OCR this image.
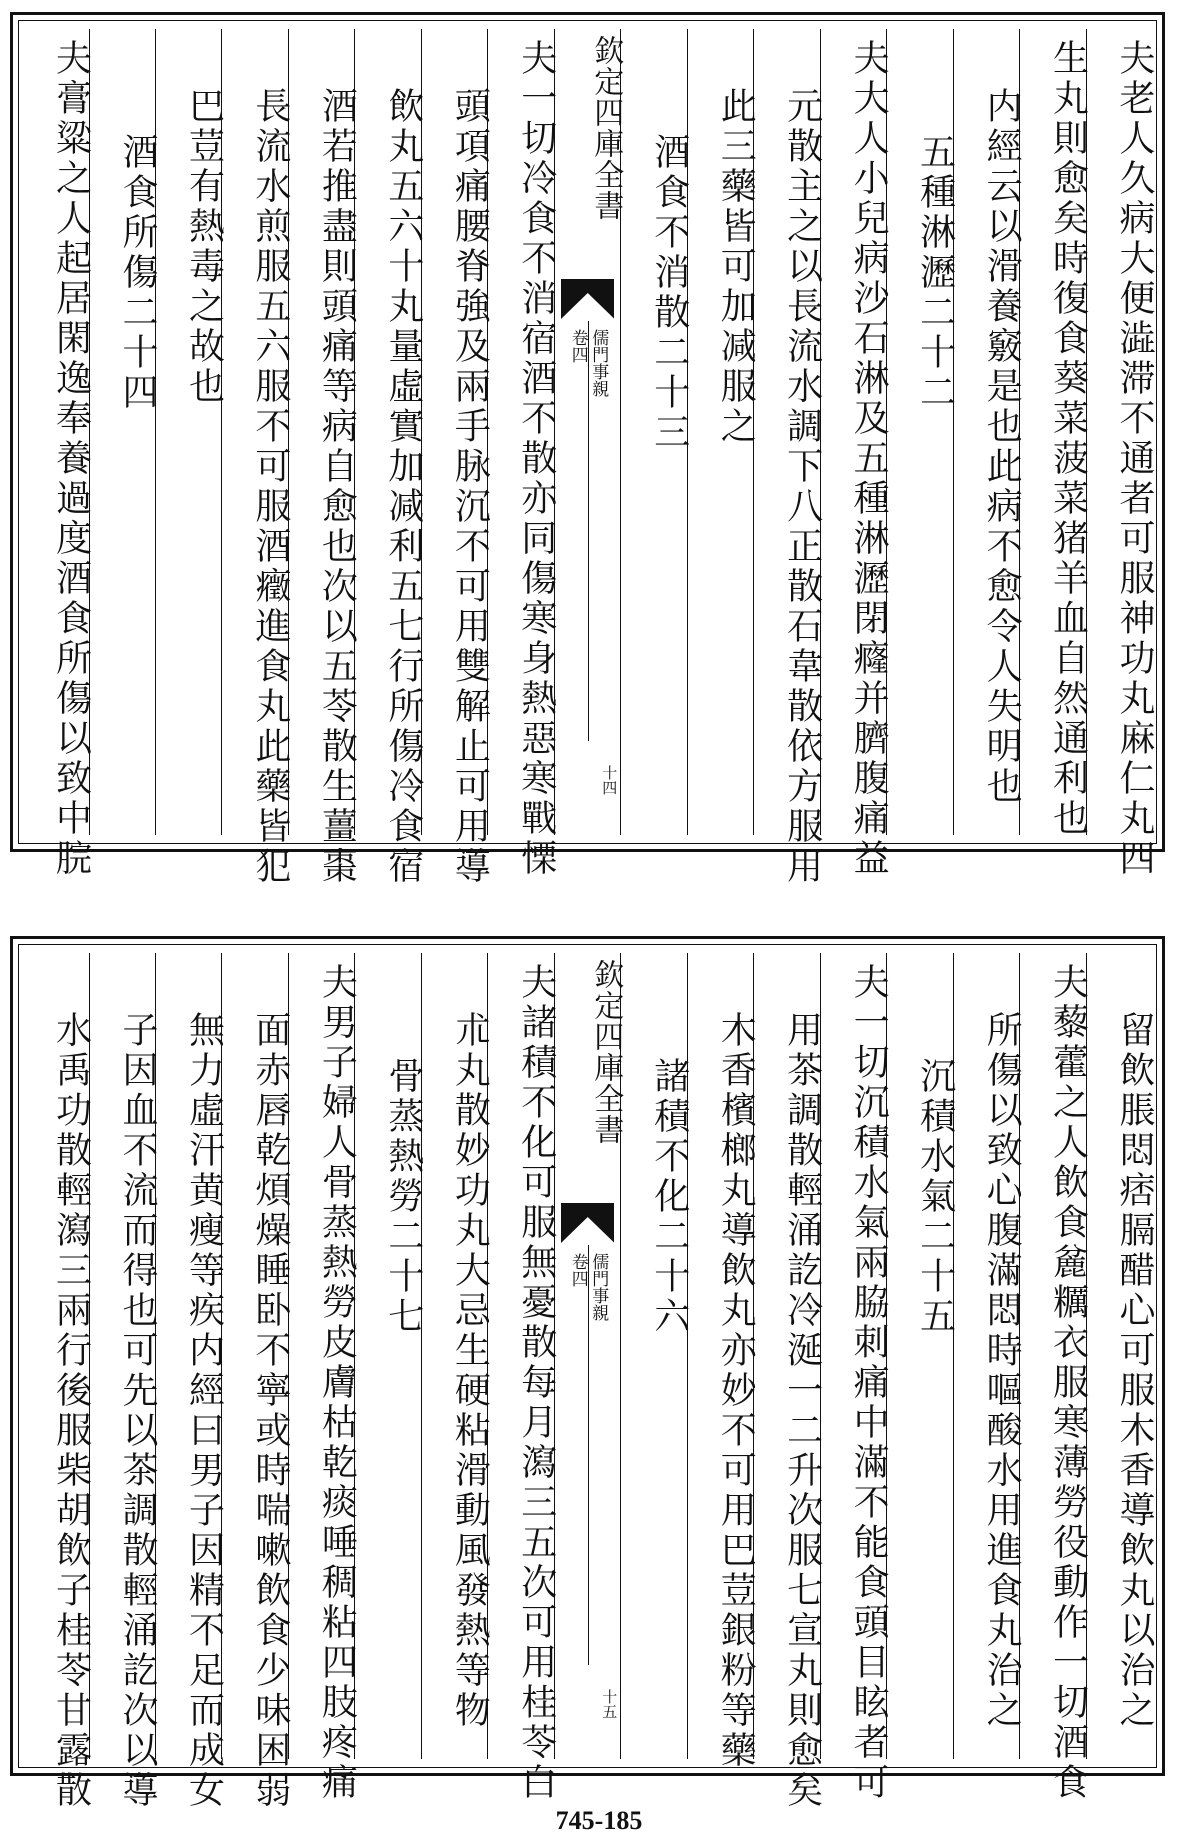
夫老人久病大便澁滞不通者可服神功丸麻仁丸四
生丸則愈矣時復食葵菜菠菜猪羊血自然通利也
内經云以滑養竅是也此病不愈令人失明也
五種淋瀝二十二
夫大人小兒病沙石淋及五種淋瀝閉癃并臍腹痛益
元散主之以長流水調下八正散石韋散依方服用
此三藥皆可加减服之
酒食不消散二十三
欽定四庫全書
儒門事親
卷四
十四
夫一切冷食不消宿酒不散亦同傷寒身熱惡寒戰慄
頭項痛腰脊強及兩手脉沉不可用雙解止可用導
飲丸五六十丸量虛實加减利五七行所傷冷食宿
酒若推盡則頭痛等病自愈也次以五苓散生薑棗
長流水煎服五六服不可服酒癥進食丸此藥皆犯
巴荳有熱毒之故也
酒食所傷二十四
夫膏粱之人起居閑逸奉養過度酒食所傷以致中脘
留飲脹悶痞膈醋心可服木香導飲丸以治之
夫藜藿之人飲食麄糲衣服寒薄勞役動作一切酒食
所傷以致心腹滿悶時嘔酸水用進食丸治之
沉積水氣二十五
夫一切沉積水氣兩脇刺痛中滿不能食頭目眩者可
用茶調散輕涌訖冷涎一二升次服七宣丸則愈矣
木香檳榔丸導飲丸亦妙不可用巴荳銀粉等藥
諸積不化二十六
欽定四庫全書
儒門事親
卷四
十五
夫諸積不化可服無憂散每月瀉三五次可用桂苓白
朮丸散妙功丸大忌生硬粘滑動風發熱等物
骨蒸熱勞二十七
夫男子婦人骨蒸熱勞皮膚枯乾痰唾稠粘四肢疼痛
面赤唇乾煩燥睡卧不寧或時喘嗽飲食少味困弱
無力虛汗黄瘦等疾内經曰男子因精不足而成女
子因血不流而得也可先以茶調散輕涌訖次以導
水禹功散輕瀉三兩行後服柴胡飲子桂苓甘露散
745-185
